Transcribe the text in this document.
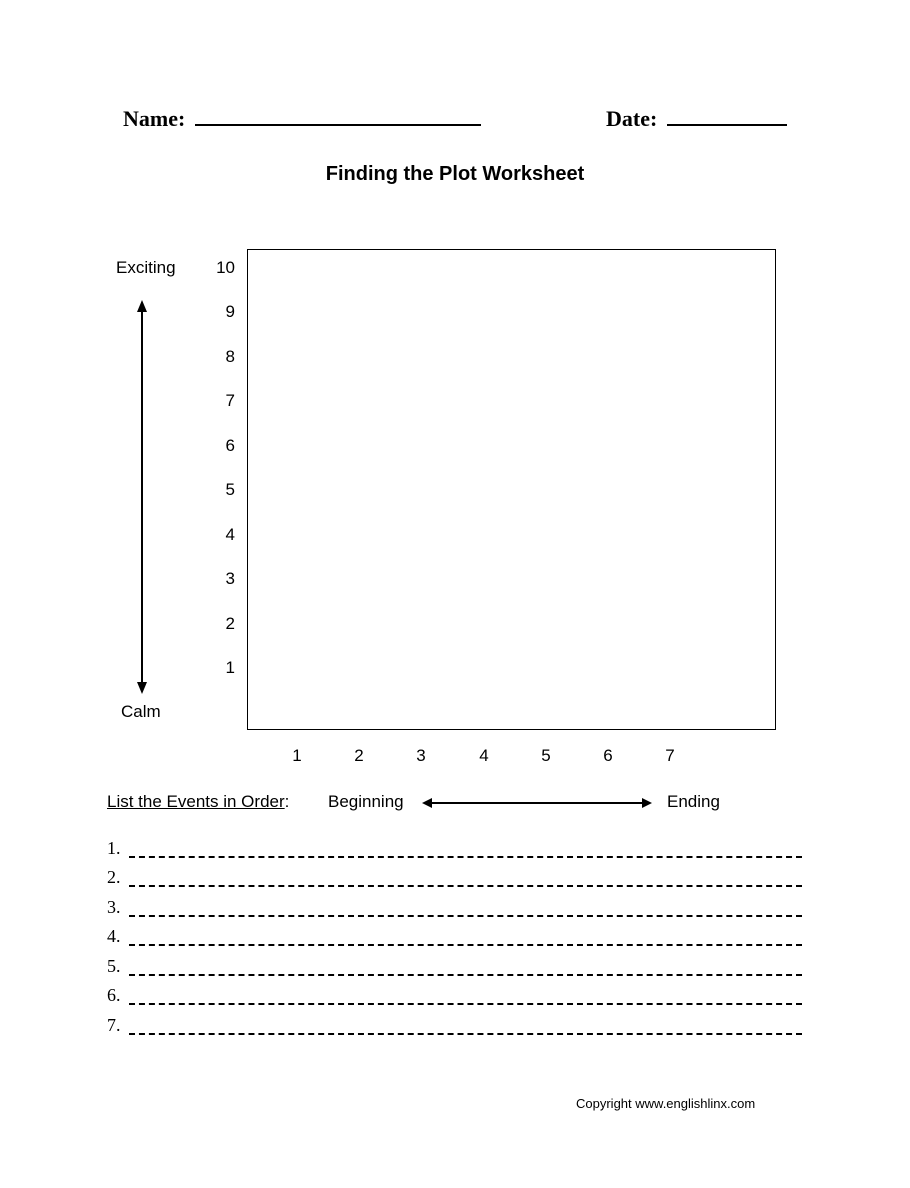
Name:	Date:
Finding the Plot Worksheet
Exciting
Calm
10
9
8
7
6
5
4
3
2
1
1	2	3	4	5	6	7
List the Events in Order: Beginning	Ending
1.
2.
3.
4.
5.
6.
7.
Copyright www.englishlinx.com
